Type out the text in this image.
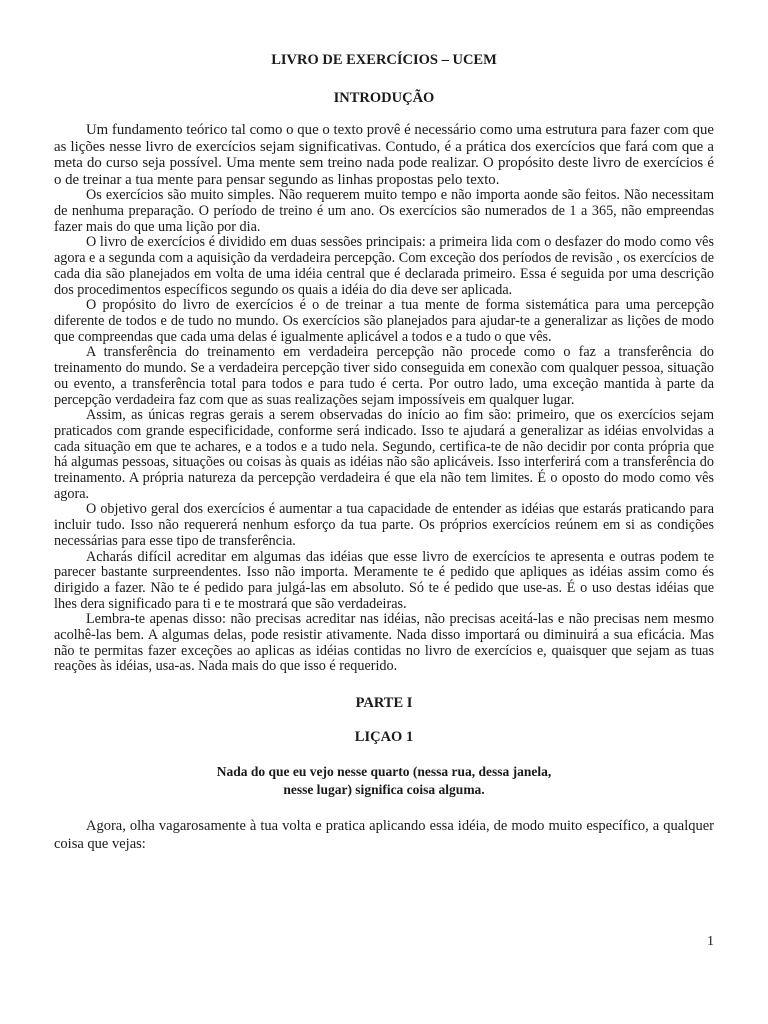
LIVRO DE EXERCÍCIOS – UCEM
INTRODUÇÃO

Um fundamento teórico tal como o que o texto provê é necessário como uma estrutura para fazer com que as lições nesse livro de exercícios sejam significativas. Contudo, é a prática dos exercícios que fará com que a meta do curso seja possível. Uma mente sem treino nada pode realizar. O propósito deste livro de exercícios é o de treinar a tua mente para pensar segundo as linhas propostas pelo texto.

Os exercícios são muito simples. Não requerem muito tempo e não importa aonde são feitos. Não necessitam de nenhuma preparação. O período de treino é um ano. Os exercícios são numerados de 1 a 365, não empreendas fazer mais do que uma lição por dia.

O livro de exercícios é dividido em duas sessões principais: a primeira lida com o desfazer do modo como vês agora e a segunda com a aquisição da verdadeira percepção. Com exceção dos períodos de revisão , os exercícios de cada dia são planejados em volta de uma idéia central que é declarada primeiro. Essa é seguida por uma descrição dos procedimentos específicos segundo os quais a idéia do dia deve ser aplicada.

O propósito do livro de exercícios é o de treinar a tua mente de forma sistemática para uma percepção diferente de todos e de tudo no mundo. Os exercícios são planejados para ajudar-te a generalizar as lições de modo que compreendas que cada uma delas é igualmente aplicável a todos e a tudo o que vês.

A transferência do treinamento em verdadeira percepção não procede como o faz a transferência do treinamento do mundo. Se a verdadeira percepção tiver sido conseguida em conexão com qualquer pessoa, situação ou evento, a transferência total para todos e para tudo é certa. Por outro lado, uma exceção mantida à parte da percepção verdadeira faz com que as suas realizações sejam impossíveis em qualquer lugar.

Assim, as únicas regras gerais a serem observadas do início ao fim são: primeiro, que os exercícios sejam praticados com grande especificidade, conforme será indicado. Isso te ajudará a generalizar as idéias envolvidas a cada situação em que te achares, e a todos e a tudo nela. Segundo, certifica-te de não decidir por conta própria que há algumas pessoas, situações ou coisas às quais as idéias não são aplicáveis. Isso interferirá com a transferência do treinamento. A própria natureza da percepção verdadeira é que ela não tem limites. É o oposto do modo como vês agora.

O objetivo geral dos exercícios é aumentar a tua capacidade de entender as idéias que estarás praticando para incluir tudo. Isso não requererá nenhum esforço da tua parte. Os próprios exercícios reúnem em si as condições necessárias para esse tipo de transferência.

Acharás difícil acreditar em algumas das idéias que esse livro de exercícios te apresenta e outras podem te parecer bastante surpreendentes. Isso não importa. Meramente te é pedido que apliques as idéias assim como és dirigido a fazer. Não te é pedido para julgá-las em absoluto. Só te é pedido que use-as. É o uso destas idéias que lhes dera significado para ti e te mostrará que são verdadeiras.

Lembra-te apenas disso: não precisas acreditar nas idéias, não precisas aceitá-las e não precisas nem mesmo acolhê-las bem. A algumas delas, pode resistir ativamente. Nada disso importará ou diminuirá a sua eficácia. Mas não te permitas fazer exceções ao aplicas as idéias contidas no livro de exercícios e, quaisquer que sejam as tuas reações às idéias, usa-as. Nada mais do que isso é requerido.

PARTE I
LIÇAO 1
Nada do que eu vejo nesse quarto (nessa rua, dessa janela,
nesse lugar) significa coisa alguma.

Agora, olha vagarosamente à tua volta e pratica aplicando essa idéia, de modo muito específico, a qualquer coisa que vejas:

1
